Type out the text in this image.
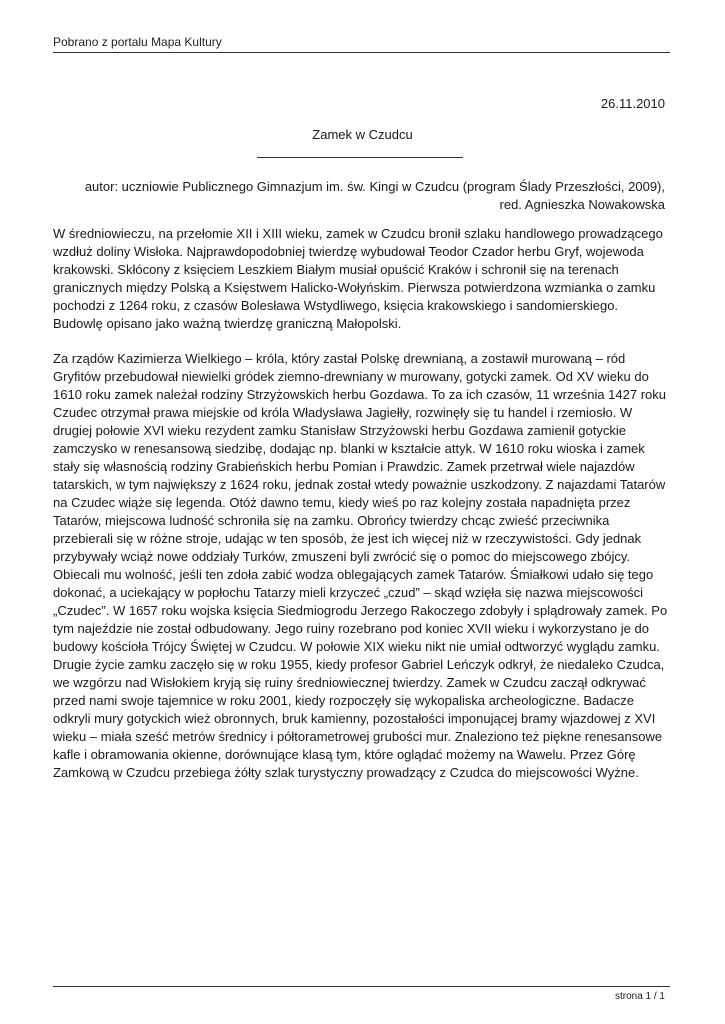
Pobrano z portalu Mapa Kultury
26.11.2010
Zamek w Czudcu
autor: uczniowie Publicznego Gimnazjum im. św. Kingi w Czudcu (program Ślady Przeszłości, 2009),
red. Agnieszka Nowakowska

W średniowieczu, na przełomie XII i XIII wieku, zamek w Czudcu bronił szlaku handlowego prowadzącego wzdłuż doliny Wisłoka. Najprawdopodobniej twierdzę wybudował Teodor Czador herbu Gryf, wojewoda krakowski. Skłócony z księciem Leszkiem Białym musiał opuścić Kraków i schronił się na terenach granicznych między Polską a Księstwem Halicko-Wołyńskim. Pierwsza potwierdzona wzmianka o zamku pochodzi z 1264 roku, z czasów Bolesława Wstydliwego, księcia krakowskiego i sandomierskiego. Budowlę opisano jako ważną twierdzę graniczną Małopolski.

Za rządów Kazimierza Wielkiego – króla, który zastał Polskę drewnianą, a zostawił murowaną – ród Gryfitów przebudował niewielki gródek ziemno-drewniany w murowany, gotycki zamek. Od XV wieku do 1610 roku zamek należał rodziny Strzyżowskich herbu Gozdawa. To za ich czasów, 11 września 1427 roku Czudec otrzymał prawa miejskie od króla Władysława Jagiełły, rozwinęły się tu handel i rzemiosło. W drugiej połowie XVI wieku rezydent zamku Stanisław Strzyżowski herbu Gozdawa zamienił gotyckie zamczysko w renesansową siedzibę, dodając np. blanki w kształcie attyk. W 1610 roku wioska i zamek stały się własnością rodziny Grabieńskich herbu Pomian i Prawdzic. Zamek przetrwał wiele najazdów tatarskich, w tym największy z 1624 roku, jednak został wtedy poważnie uszkodzony. Z najazdami Tatarów na Czudec wiąże się legenda. Otóż dawno temu, kiedy wieś po raz kolejny została napadnięta przez Tatarów, miejscowa ludność schroniła się na zamku. Obrońcy twierdzy chcąc zwieść przeciwnika przebierali się w różne stroje, udając w ten sposób, że jest ich więcej niż w rzeczywistości. Gdy jednak przybywały wciąż nowe oddziały Turków, zmuszeni byli zwrócić się o pomoc do miejscowego zbójcy. Obiecali mu wolność, jeśli ten zdoła zabić wodza oblegających zamek Tatarów. Śmiałkowi udało się tego dokonać, a uciekający w popłochu Tatarzy mieli krzyczeć „czud” – skąd wzięła się nazwa miejscowości „Czudec”. W 1657 roku wojska księcia Siedmiogrodu Jerzego Rakoczego zdobyły i splądrowały zamek. Po tym najeździe nie został odbudowany. Jego ruiny rozebrano pod koniec XVII wieku i wykorzystano je do budowy kościoła Trójcy Świętej w Czudcu. W połowie XIX wieku nikt nie umiał odtworzyć wyglądu zamku. Drugie życie zamku zaczęło się w roku 1955, kiedy profesor Gabriel Leńczyk odkrył, że niedaleko Czudca, we wzgórzu nad Wisłokiem kryją się ruiny średniowiecznej twierdzy. Zamek w Czudcu zaczął odkrywać przed nami swoje tajemnice w roku 2001, kiedy rozpoczęły się wykopaliska archeologiczne. Badacze odkryli mury gotyckich wież obronnych, bruk kamienny, pozostałości imponującej bramy wjazdowej z XVI wieku – miała sześć metrów średnicy i półtorametrowej grubości mur. Znaleziono też piękne renesansowe kafle i obramowania okienne, dorównujące klasą tym, które oglądać możemy na Wawelu. Przez Górę Zamkową w Czudcu przebiega żółty szlak turystyczny prowadzący z Czudca do miejscowości Wyżne.

strona 1 / 1
